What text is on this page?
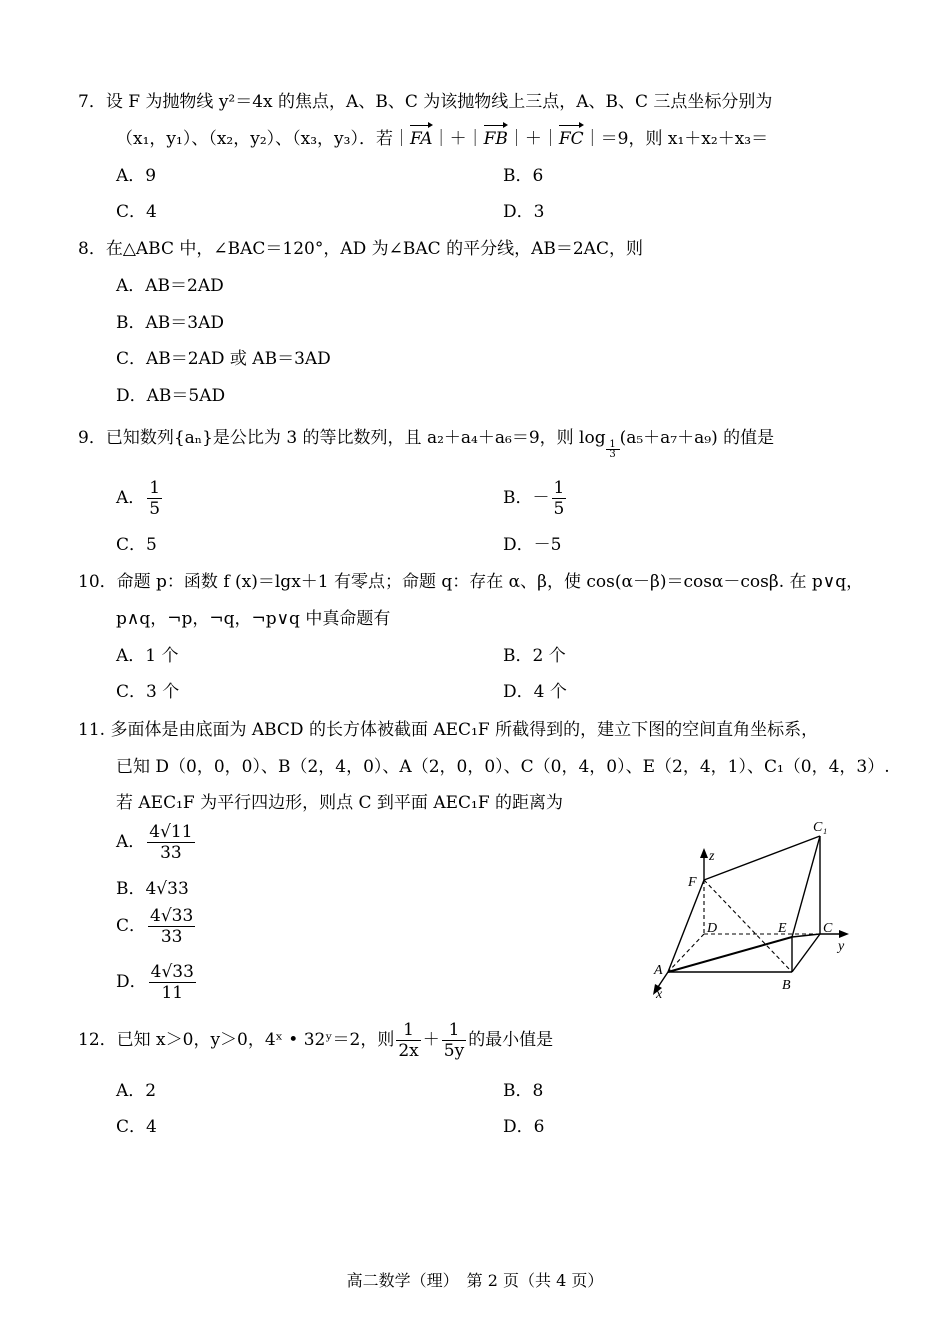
7．设 F 为抛物线 y²＝4x 的焦点，A、B、C 为该抛物线上三点，A、B、C 三点坐标分别为
（x₁，y₁）、（x₂，y₂）、（x₃，y₃）．若｜FA｜＋｜FB｜＋｜FC｜＝9，则 x₁＋x₂＋x₃＝
A．9	B．6
C．4	D．3
8．在△ABC 中，∠BAC＝120°，AD 为∠BAC 的平分线，AB＝2AC，则
A．AB＝2AD
B．AB＝3AD
C．AB＝2AD 或 AB＝3AD
D．AB＝5AD
9．已知数列{aₙ}是公比为 3 的等比数列，且 a₂＋a₄＋a₆＝9，则 log
$\frac{1}{3}$
(a₅＋a₇＋a₉) 的值是
A． $\frac{1}{5}$	B．－ $\frac{1}{5}$
C．5	D．－5
10．命题 p：函数 f (x)＝lgx＋1 有零点；命题 q：存在 α、β，使 cos(α－β)＝cosα－cosβ. 在 p∨q，
p∧q，¬p，¬q，¬p∨q 中真命题有
A．1 个	B．2 个
C．3 个	D．4 个
11. 多面体是由底面为 ABCD 的长方体被截面 AEC₁F 所截得到的，建立下图的空间直角坐标系，
已知 D（0，0，0）、B（2，4，0）、A（2，0，0）、C（0，4，0）、E（2，4，1）、C₁（0，4，3）.
若 AEC₁F 为平行四边形，则点 C 到平面 AEC₁F 的距离为
A． $\frac{4√11}{33}$
B．4√33
C． $\frac{4√33}{33}$
D． $\frac{4√33}{11}$
C₁
z
F
D	E	C
y
A
B
x
12．已知 x＞0，y＞0，4ˣ • 32ʸ＝2，则 $\frac{1}{2x} + \frac{1}{5y}$ 的最小值是
A．2	B．8
C．4	D．6
高二数学（理）　第 2 页（共 4 页）
